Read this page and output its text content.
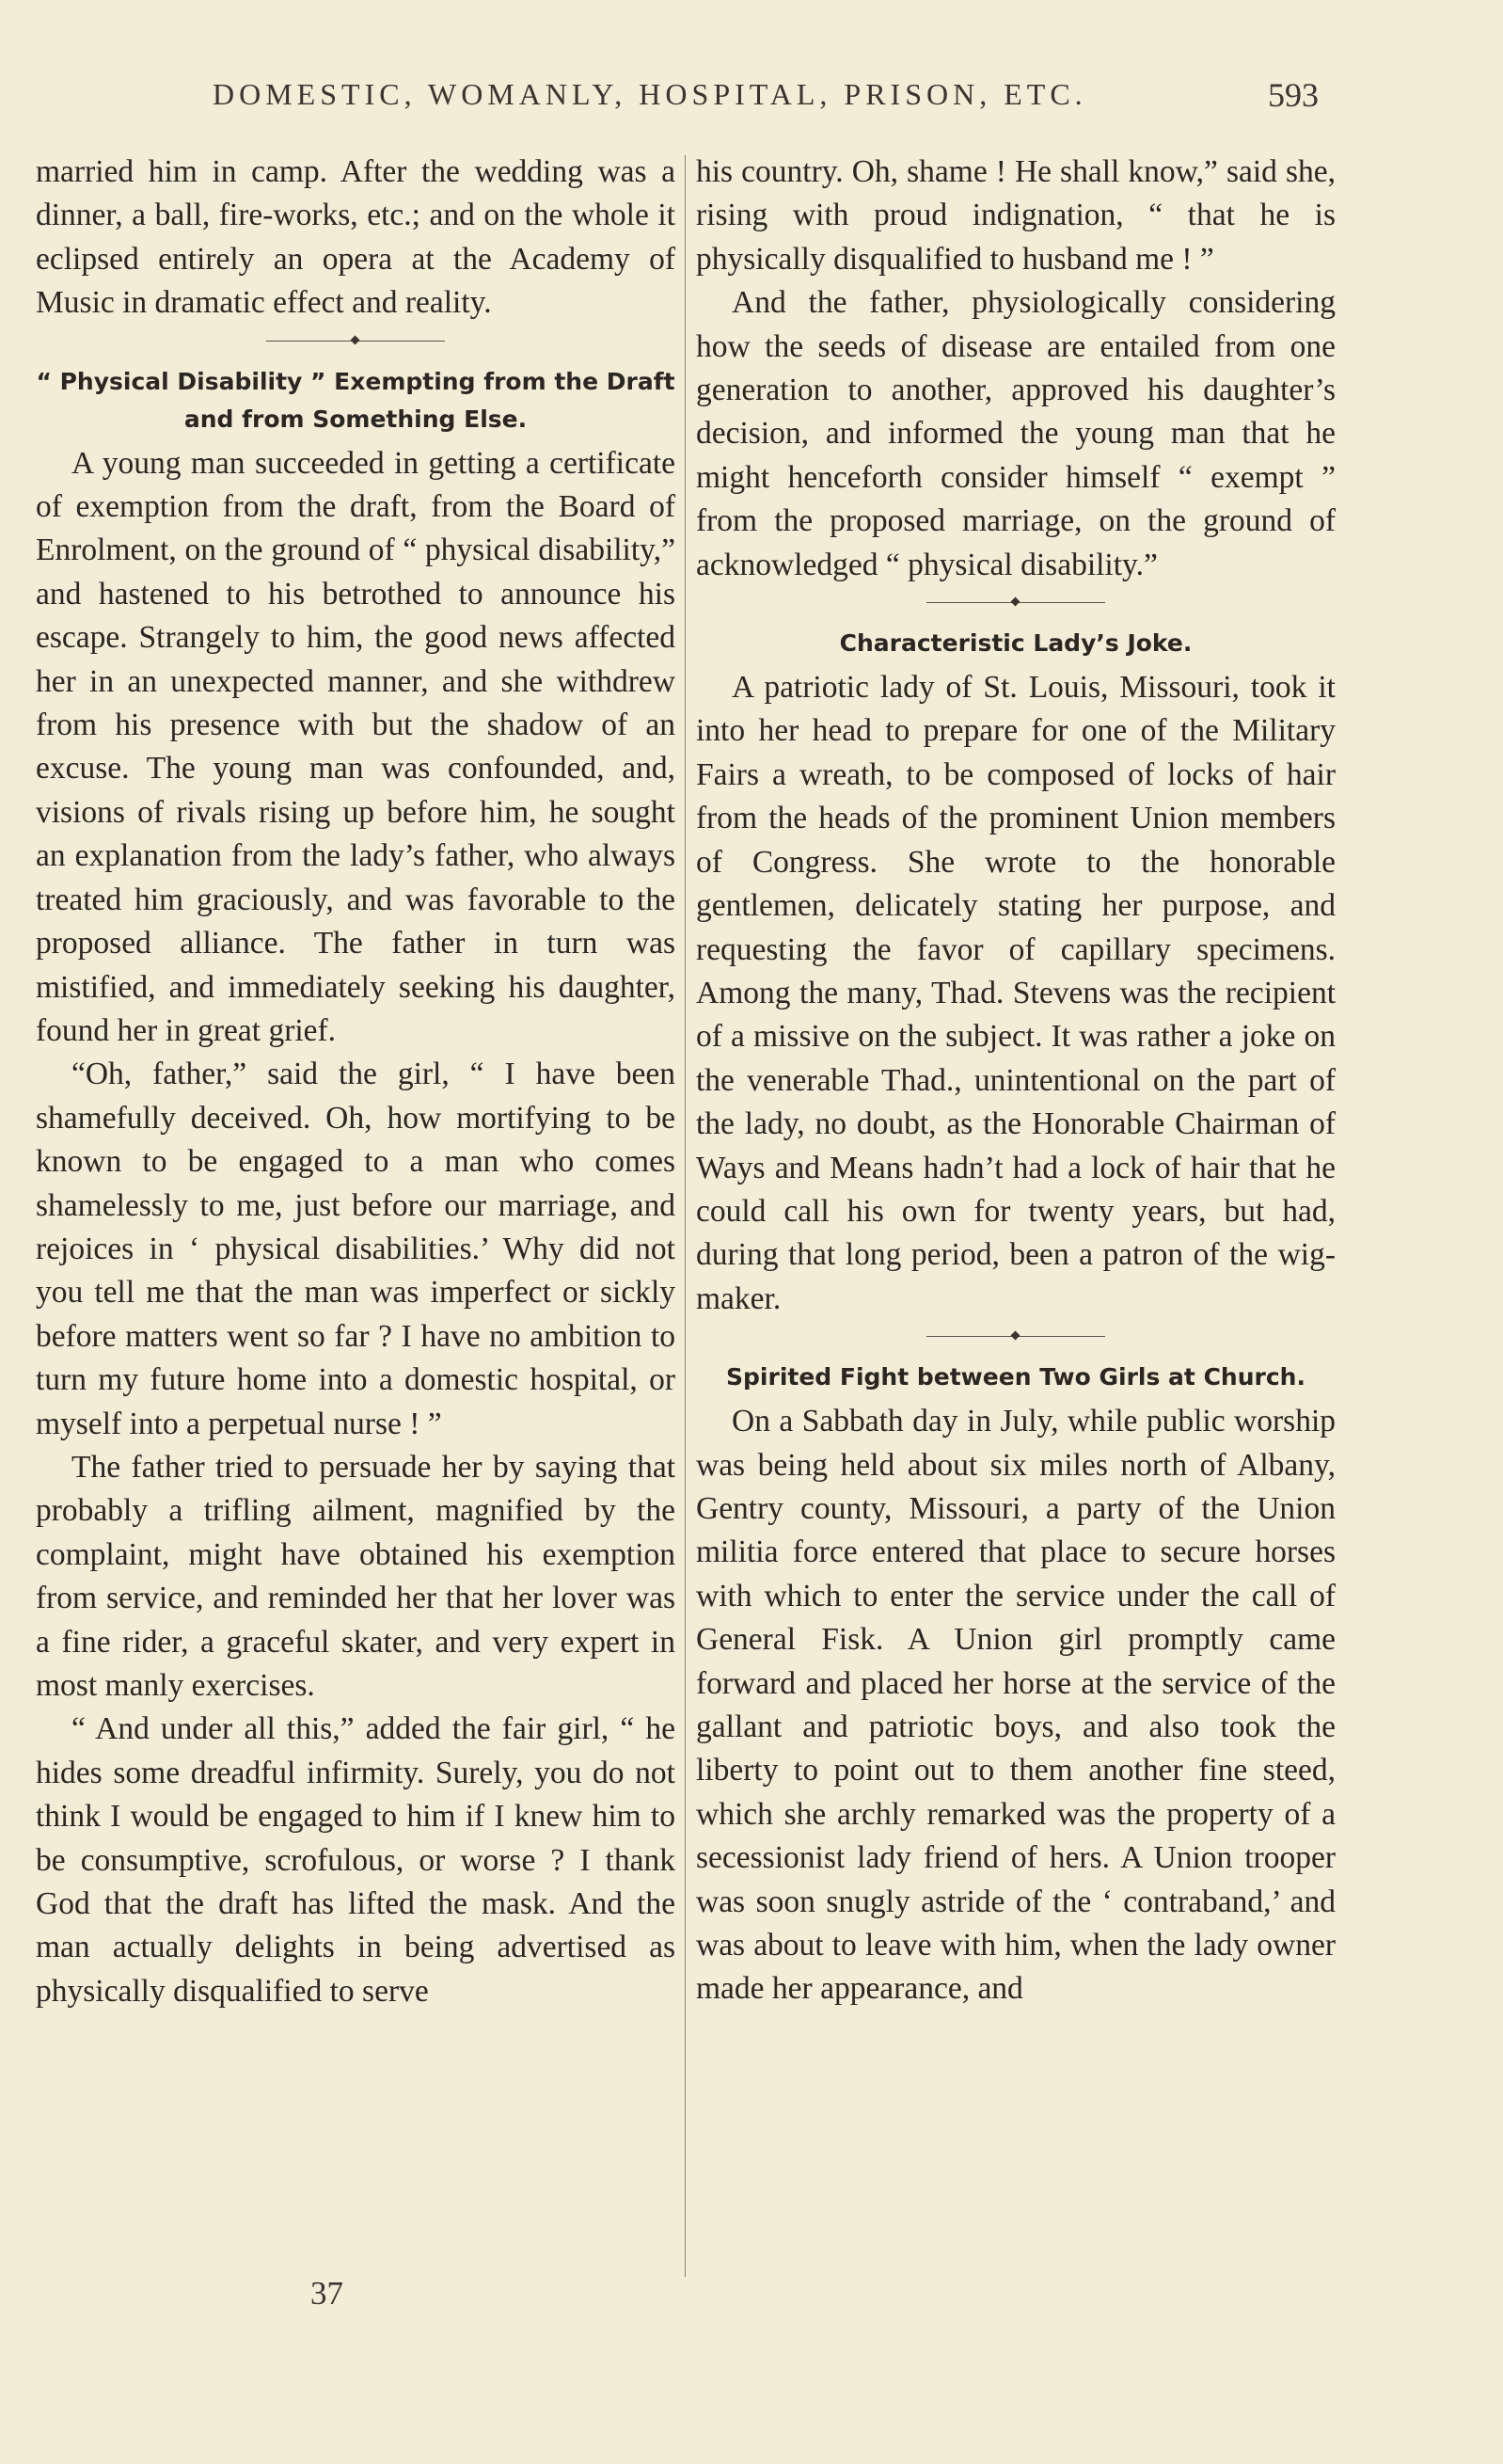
DOMESTIC, WOMANLY, HOSPITAL, PRISON, ETC.	593

married him in camp. After the wedding was a dinner, a ball, fire-works, etc.; and on the whole it eclipsed entirely an opera at the Academy of Music in dramatic effect and reality.

“ Physical Disability ” Exempting from the Draft and from Something Else.

A young man succeeded in getting a certificate of exemption from the draft, from the Board of Enrolment, on the ground of “ physical disability,” and hastened to his betrothed to announce his escape. Strangely to him, the good news affected her in an unexpected manner, and she withdrew from his presence with but the shadow of an excuse. The young man was confounded, and, visions of rivals rising up before him, he sought an explanation from the lady’s father, who always treated him graciously, and was favorable to the proposed alliance. The father in turn was mistified, and immediately seeking his daughter, found her in great grief.

“Oh, father,” said the girl, “ I have been shamefully deceived. Oh, how mortifying to be known to be engaged to a man who comes shamelessly to me, just before our marriage, and rejoices in ‘ physical disabilities.’ Why did not you tell me that the man was imperfect or sickly before matters went so far ? I have no ambition to turn my future home into a domestic hospital, or myself into a perpetual nurse ! ”

The father tried to persuade her by saying that probably a trifling ailment, magnified by the complaint, might have obtained his exemption from service, and reminded her that her lover was a fine rider, a graceful skater, and very expert in most manly exercises.

“ And under all this,” added the fair girl, “ he hides some dreadful infirmity. Surely, you do not think I would be engaged to him if I knew him to be consumptive, scrofulous, or worse ? I thank God that the draft has lifted the mask. And the man actually delights in being advertised as physically disqualified to serve

his country. Oh, shame ! He shall know,” said she, rising with proud indignation, “ that he is physically disqualified to husband me ! ”

And the father, physiologically considering how the seeds of disease are entailed from one generation to another, approved his daughter’s decision, and informed the young man that he might henceforth consider himself “ exempt ” from the proposed marriage, on the ground of acknowledged “ physical disability.”

Characteristic Lady’s Joke.

A patriotic lady of St. Louis, Missouri, took it into her head to prepare for one of the Military Fairs a wreath, to be composed of locks of hair from the heads of the prominent Union members of Congress. She wrote to the honorable gentlemen, delicately stating her purpose, and requesting the favor of capillary specimens. Among the many, Thad. Stevens was the recipient of a missive on the subject. It was rather a joke on the venerable Thad., unintentional on the part of the lady, no doubt, as the Honorable Chairman of Ways and Means hadn’t had a lock of hair that he could call his own for twenty years, but had, during that long period, been a patron of the wig-maker.

Spirited Fight between Two Girls at Church.

On a Sabbath day in July, while public worship was being held about six miles north of Albany, Gentry county, Missouri, a party of the Union militia force entered that place to secure horses with which to enter the service under the call of General Fisk. A Union girl promptly came forward and placed her horse at the service of the gallant and patriotic boys, and also took the liberty to point out to them another fine steed, which she archly remarked was the property of a secessionist lady friend of hers. A Union trooper was soon snugly astride of the ‘ contraband,’ and was about to leave with him, when the lady owner made her appearance, and

37
